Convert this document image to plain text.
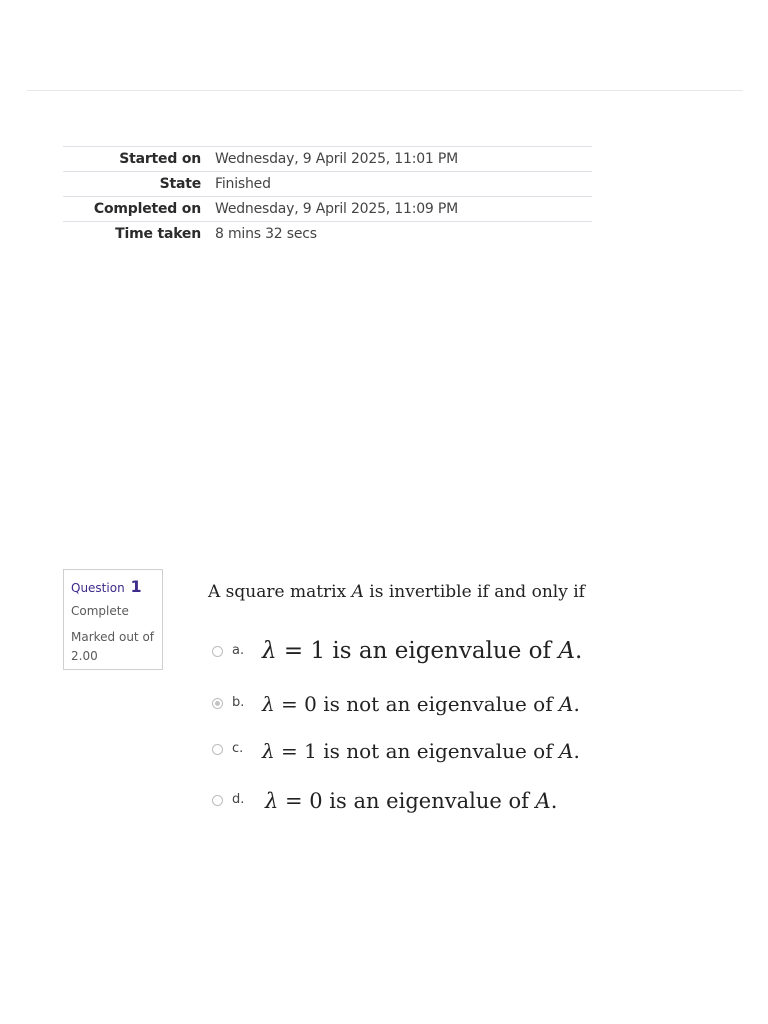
Started on	Wednesday, 9 April 2025, 11:01 PM
State	Finished
Completed on	Wednesday, 9 April 2025, 11:09 PM
Time taken	8 mins 32 secs
Question 1
Complete
Marked out of 2.00
A square matrix A is invertible if and only if
a. λ = 1 is an eigenvalue of A.
b. λ = 0 is not an eigenvalue of A.
c. λ = 1 is not an eigenvalue of A.
d. λ = 0 is an eigenvalue of A.
